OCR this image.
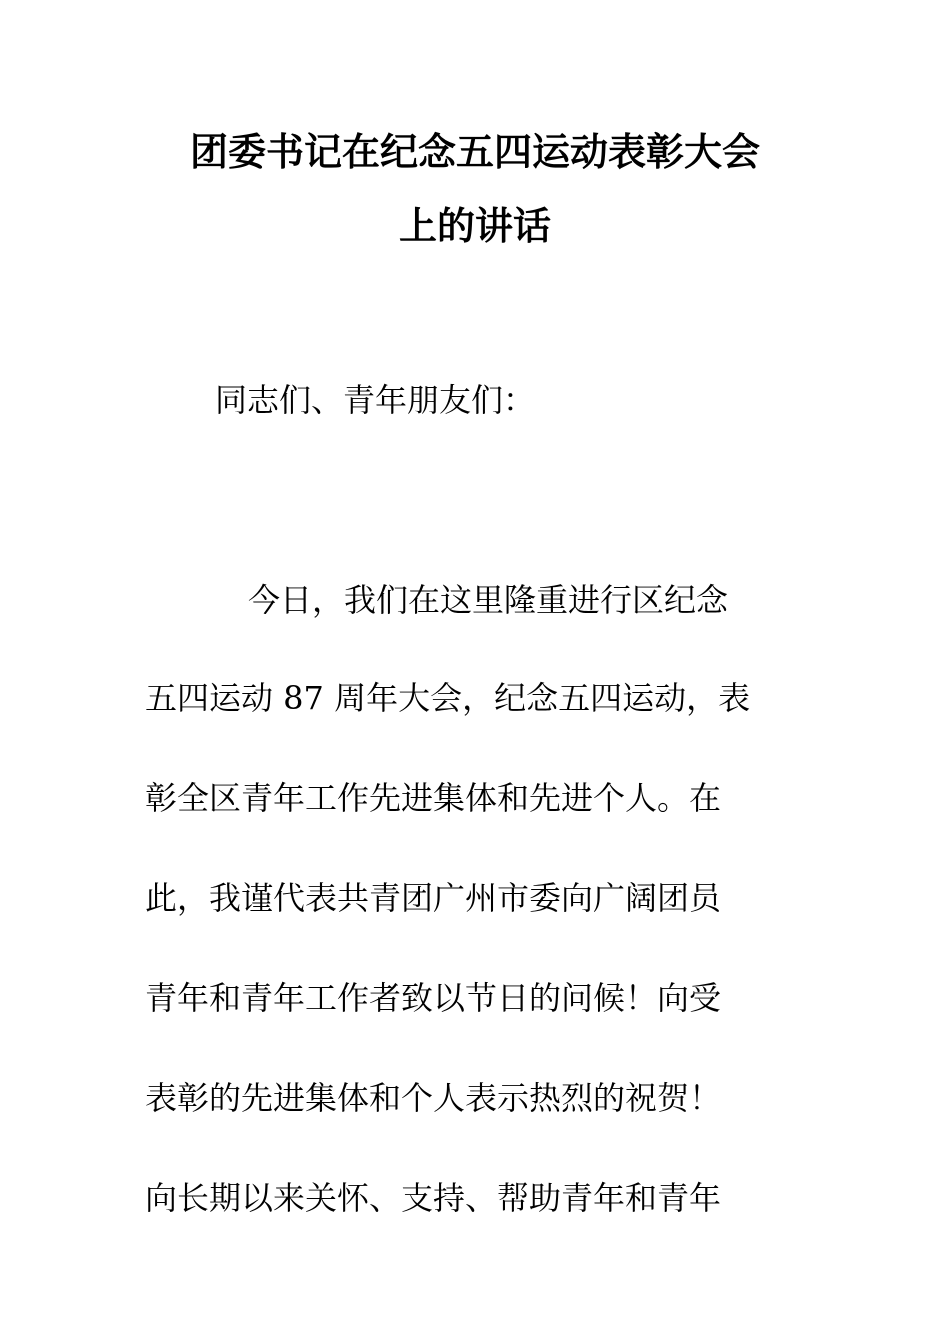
团委书记在纪念五四运动表彰大会
上的讲话

同志们、青年朋友们：

今日，我们在这里隆重进行区纪念

五四运动 87 周年大会，纪念五四运动，表

彰全区青年工作先进集体和先进个人。在

此，我谨代表共青团广州市委向广阔团员

青年和青年工作者致以节日的问候！向受

表彰的先进集体和个人表示热烈的祝贺！

向长期以来关怀、支持、帮助青年和青年
